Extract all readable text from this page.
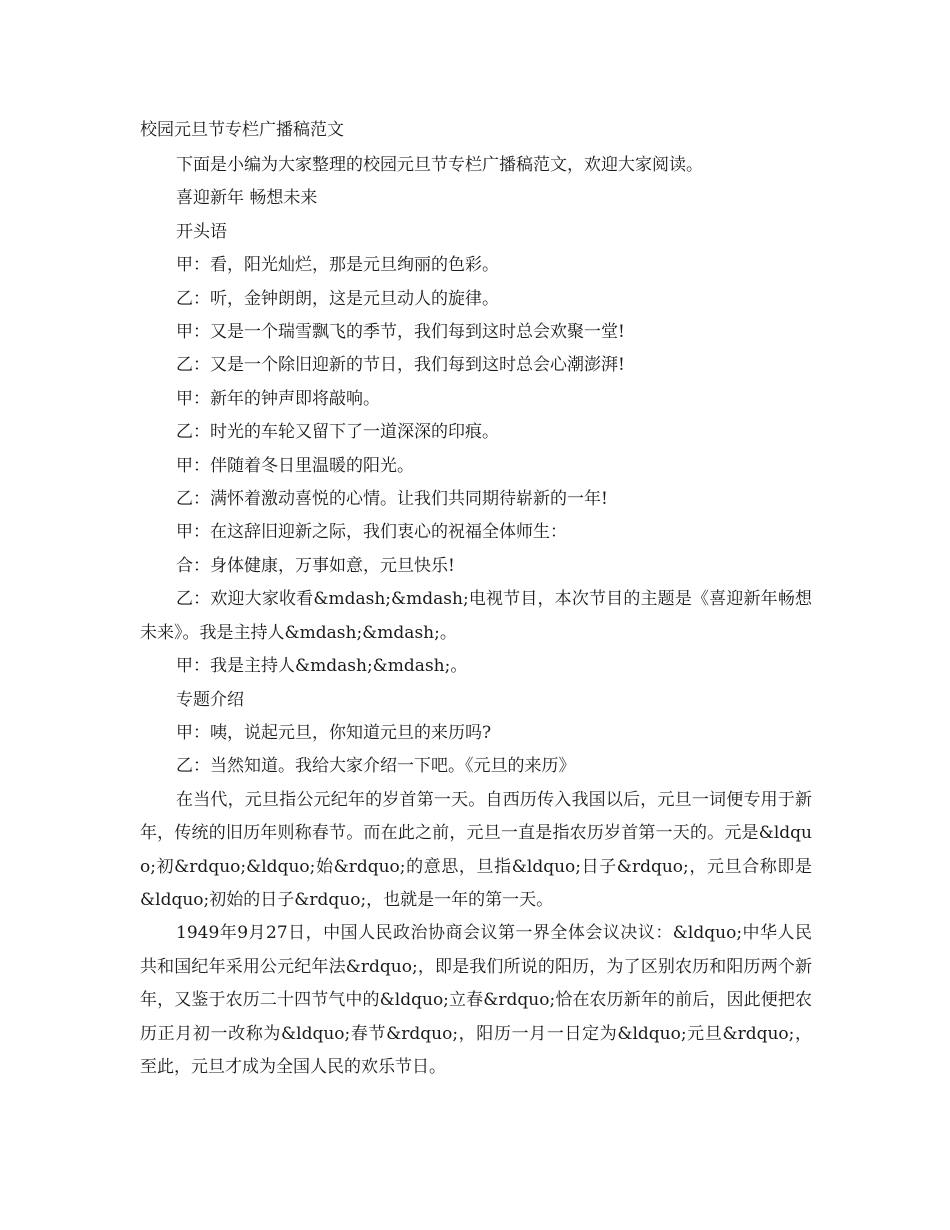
校园元旦节专栏广播稿范文

下面是小编为大家整理的校园元旦节专栏广播稿范文，欢迎大家阅读。

喜迎新年 畅想未来

开头语

甲：看，阳光灿烂，那是元旦绚丽的色彩。

乙：听，金钟朗朗，这是元旦动人的旋律。

甲：又是一个瑞雪飘飞的季节，我们每到这时总会欢聚一堂!

乙：又是一个除旧迎新的节日，我们每到这时总会心潮澎湃!

甲：新年的钟声即将敲响。

乙：时光的车轮又留下了一道深深的印痕。

甲：伴随着冬日里温暖的阳光。

乙：满怀着激动喜悦的心情。让我们共同期待崭新的一年!

甲：在这辞旧迎新之际，我们衷心的祝福全体师生：

合：身体健康，万事如意，元旦快乐!

乙：欢迎大家收看&mdash;&mdash;电视节目，本次节目的主题是《喜迎新年畅想未来》。我是主持人&mdash;&mdash;。

甲：我是主持人&mdash;&mdash;。

专题介绍

甲：咦，说起元旦，你知道元旦的来历吗?

乙：当然知道。我给大家介绍一下吧。《元旦的来历》

在当代，元旦指公元纪年的岁首第一天。自西历传入我国以后，元旦一词便专用于新年，传统的旧历年则称春节。而在此之前，元旦一直是指农历岁首第一天的。元是&ldquo;初&rdquo;&ldquo;始&rdquo;的意思，旦指&ldquo;日子&rdquo;，元旦合称即是&ldquo;初始的日子&rdquo;，也就是一年的第一天。

1949年9月27日，中国人民政治协商会议第一界全体会议决议：&ldquo;中华人民共和国纪年采用公元纪年法&rdquo;，即是我们所说的阳历，为了区别农历和阳历两个新年，又鉴于农历二十四节气中的&ldquo;立春&rdquo;恰在农历新年的前后，因此便把农历正月初一改称为&ldquo;春节&rdquo;，阳历一月一日定为&ldquo;元旦&rdquo;，至此，元旦才成为全国人民的欢乐节日。
